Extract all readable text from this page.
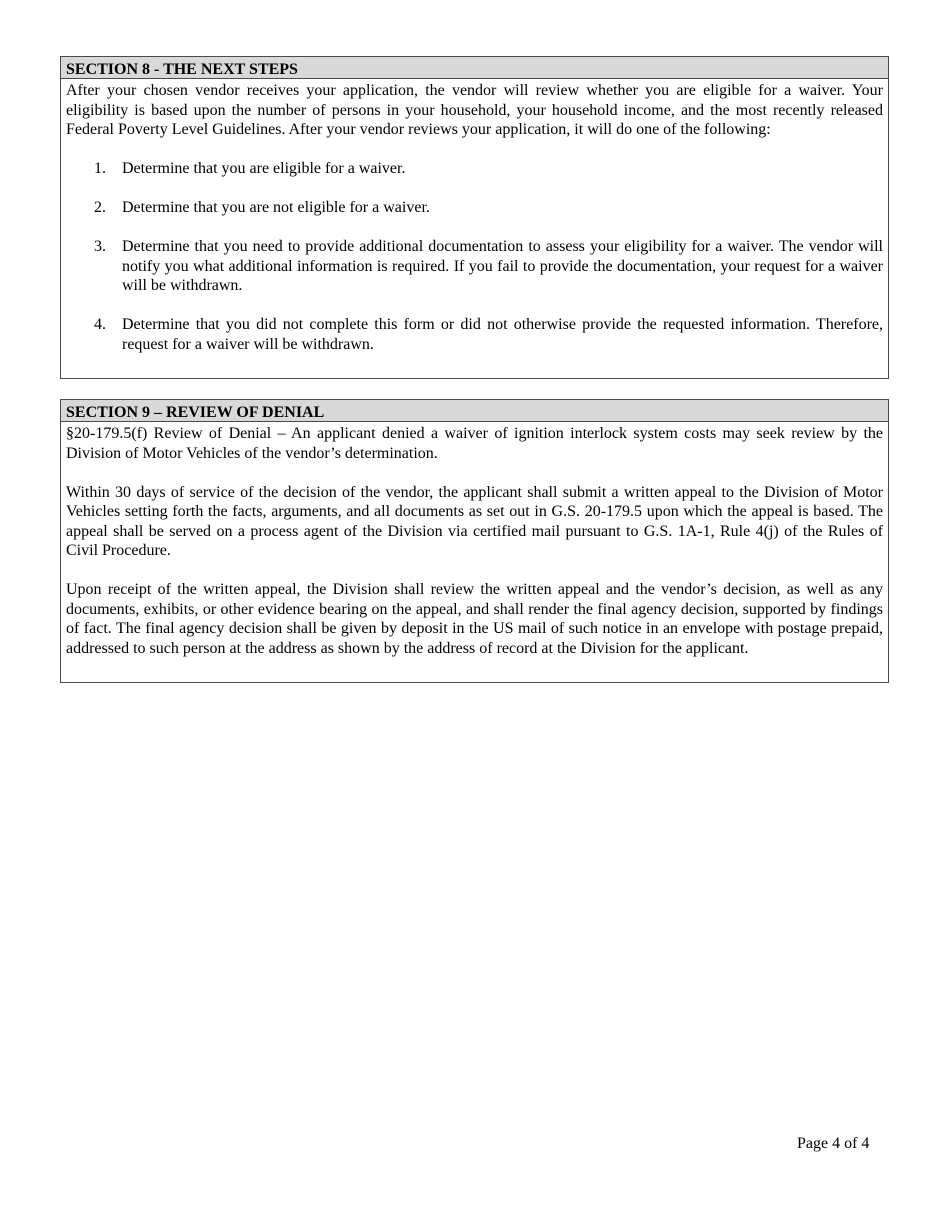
SECTION 8 - THE NEXT STEPS

After your chosen vendor receives your application, the vendor will review whether you are eligible for a waiver. Your eligibility is based upon the number of persons in your household, your household income, and the most recently released Federal Poverty Level Guidelines. After your vendor reviews your application, it will do one of the following:

1.	Determine that you are eligible for a waiver.
2.	Determine that you are not eligible for a waiver.
3.	Determine that you need to provide additional documentation to assess your eligibility for a waiver. The vendor will notify you what additional information is required. If you fail to provide the documentation, your request for a waiver will be withdrawn.
4.	Determine that you did not complete this form or did not otherwise provide the requested information. Therefore, request for a waiver will be withdrawn.
SECTION 9 – REVIEW OF DENIAL

§20-179.5(f) Review of Denial – An applicant denied a waiver of ignition interlock system costs may seek review by the Division of Motor Vehicles of the vendor’s determination.

Within 30 days of service of the decision of the vendor, the applicant shall submit a written appeal to the Division of Motor Vehicles setting forth the facts, arguments, and all documents as set out in G.S. 20-179.5 upon which the appeal is based. The appeal shall be served on a process agent of the Division via certified mail pursuant to G.S. 1A-1, Rule 4(j) of the Rules of Civil Procedure.

Upon receipt of the written appeal, the Division shall review the written appeal and the vendor’s decision, as well as any documents, exhibits, or other evidence bearing on the appeal, and shall render the final agency decision, supported by findings of fact. The final agency decision shall be given by deposit in the US mail of such notice in an envelope with postage prepaid, addressed to such person at the address as shown by the address of record at the Division for the applicant.

Page 4 of 4
